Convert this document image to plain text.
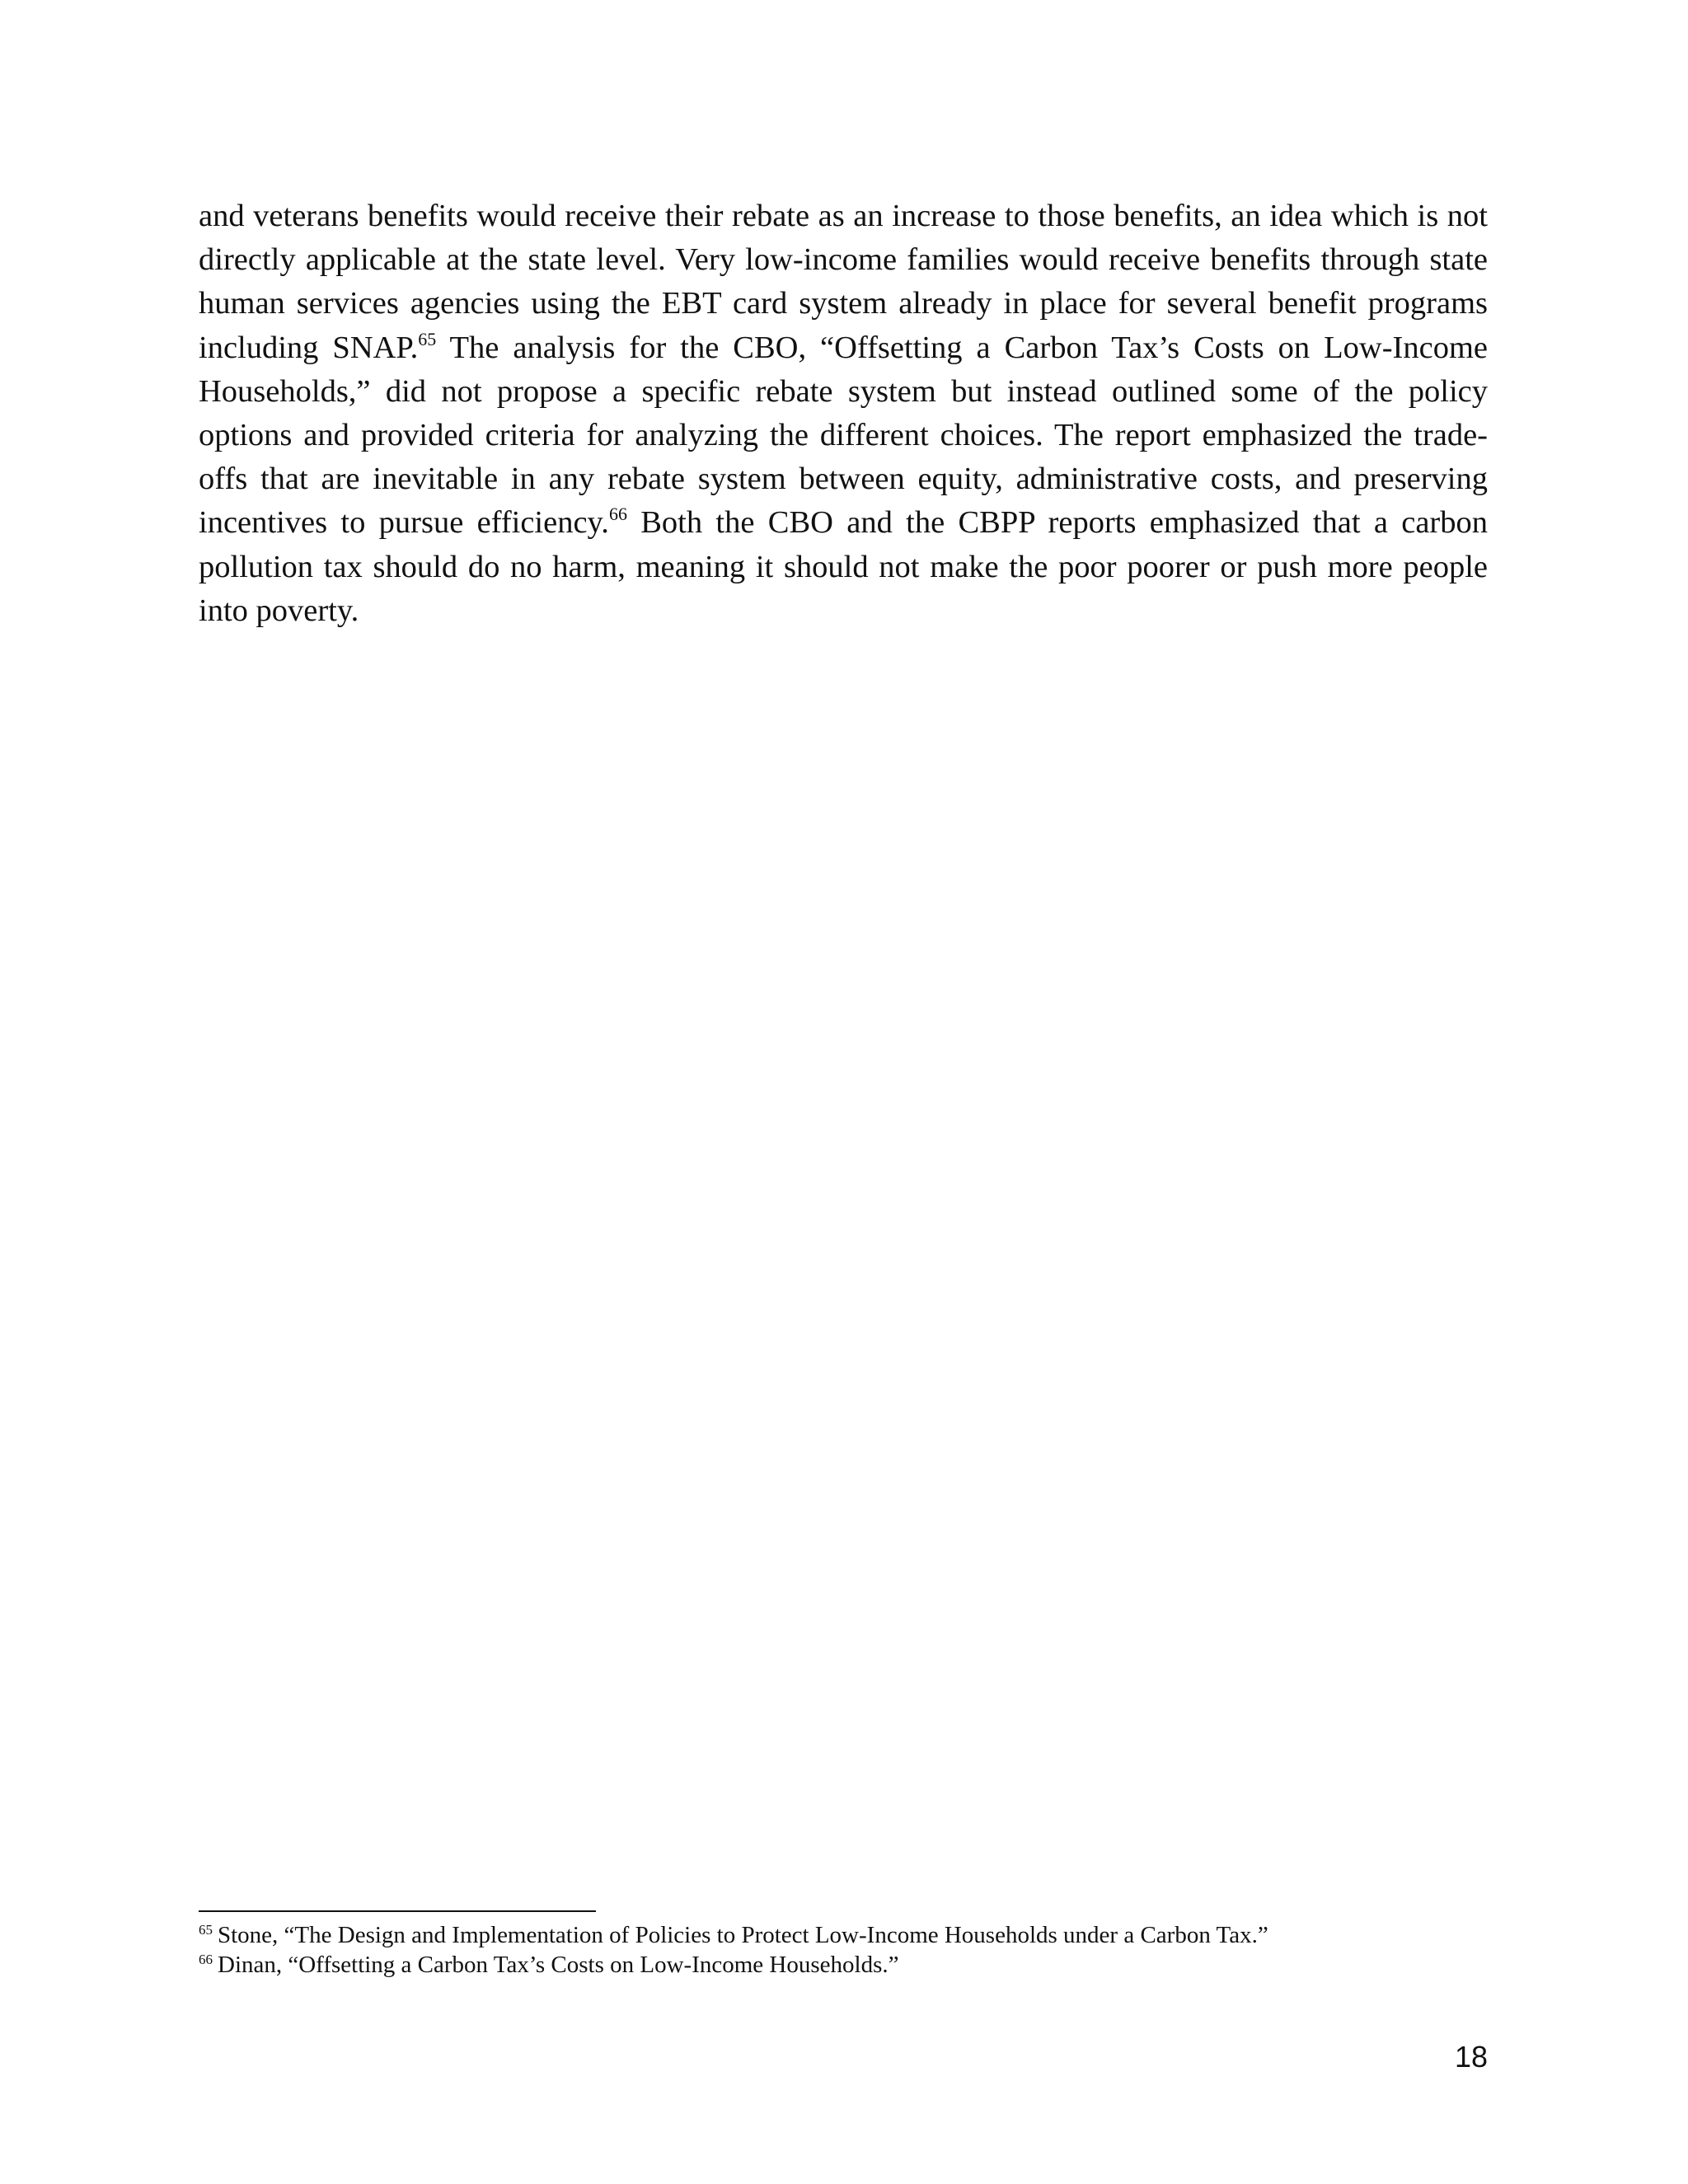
and veterans benefits would receive their rebate as an increase to those benefits, an idea which is not directly applicable at the state level. Very low-income families would receive benefits through state human services agencies using the EBT card system already in place for several benefit programs including SNAP.$^{65}$ The analysis for the CBO, “Offsetting a Carbon Tax’s Costs on Low-Income Households,” did not propose a specific rebate system but instead outlined some of the policy options and provided criteria for analyzing the different choices. The report emphasized the trade-offs that are inevitable in any rebate system between equity, administrative costs, and preserving incentives to pursue efficiency.$^{66}$ Both the CBO and the CBPP reports emphasized that a carbon pollution tax should do no harm, meaning it should not make the poor poorer or push more people into poverty.

$^{65}$ Stone, “The Design and Implementation of Policies to Protect Low-Income Households under a Carbon Tax.”

$^{66}$ Dinan, “Offsetting a Carbon Tax’s Costs on Low-Income Households.”

18
